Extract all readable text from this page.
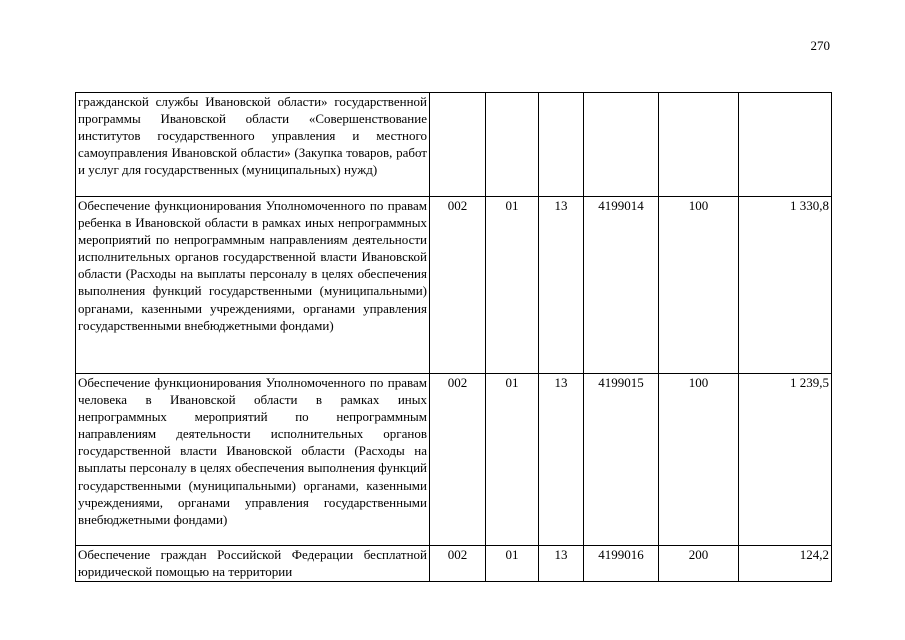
270
гражданской службы Ивановской области» государственной программы Ивановской области «Совершенствование институтов государственного управления и местного самоуправления Ивановской области» (Закупка товаров, работ и услуг для государственных (муниципальных) нужд)						
Обеспечение функционирования Уполномоченного по правам ребенка в Ивановской области в рамках иных непрограммных мероприятий по непрограммным направлениям деятельности исполнительных органов государственной власти Ивановской области (Расходы на выплаты персоналу в целях обеспечения выполнения функций государственными (муниципальными) органами, казенными учреждениями, органами управления государственными внебюджетными фондами)	002	01	13	4199014	100	1 330,8
Обеспечение функционирования Уполномоченного по правам человека в Ивановской области в рамках иных непрограммных мероприятий по непрограммным направлениям деятельности исполнительных органов государственной власти Ивановской области (Расходы на выплаты персоналу в целях обеспечения выполнения функций государственными (муниципальными) органами, казенными учреждениями, органами управления государственными внебюджетными фондами)	002	01	13	4199015	100	1 239,5
Обеспечение граждан Российской Федерации бесплатной юридической помощью на территории	002	01	13	4199016	200	124,2
